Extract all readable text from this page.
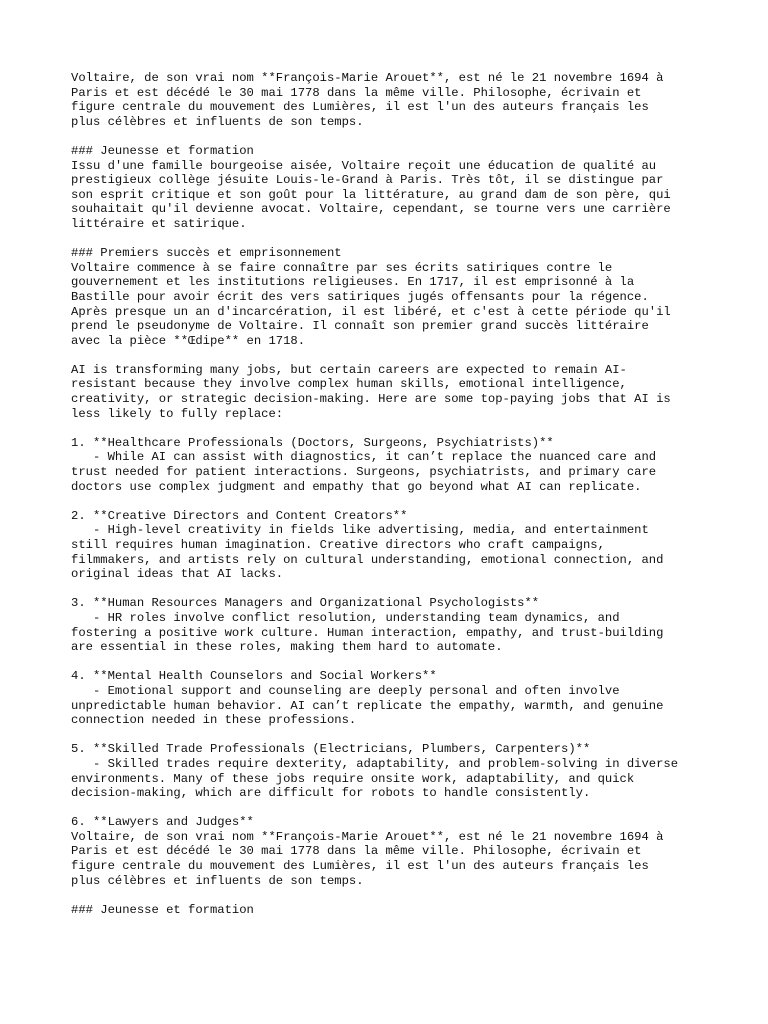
Voltaire, de son vrai nom **François-Marie Arouet**, est né le 21 novembre 1694 à
Paris et est décédé le 30 mai 1778 dans la même ville. Philosophe, écrivain et
figure centrale du mouvement des Lumières, il est l'un des auteurs français les
plus célèbres et influents de son temps.
### Jeunesse et formation
Issu d'une famille bourgeoise aisée, Voltaire reçoit une éducation de qualité au
prestigieux collège jésuite Louis-le-Grand à Paris. Très tôt, il se distingue par
son esprit critique et son goût pour la littérature, au grand dam de son père, qui
souhaitait qu'il devienne avocat. Voltaire, cependant, se tourne vers une carrière
littéraire et satirique.
### Premiers succès et emprisonnement
Voltaire commence à se faire connaître par ses écrits satiriques contre le
gouvernement et les institutions religieuses. En 1717, il est emprisonné à la
Bastille pour avoir écrit des vers satiriques jugés offensants pour la régence.
Après presque un an d'incarcération, il est libéré, et c'est à cette période qu'il
prend le pseudonyme de Voltaire. Il connaît son premier grand succès littéraire
avec la pièce **Œdipe** en 1718.
AI is transforming many jobs, but certain careers are expected to remain AI-
resistant because they involve complex human skills, emotional intelligence,
creativity, or strategic decision-making. Here are some top-paying jobs that AI is
less likely to fully replace:
1. **Healthcare Professionals (Doctors, Surgeons, Psychiatrists)**
- While AI can assist with diagnostics, it can’t replace the nuanced care and
trust needed for patient interactions. Surgeons, psychiatrists, and primary care
doctors use complex judgment and empathy that go beyond what AI can replicate.
2. **Creative Directors and Content Creators**
- High-level creativity in fields like advertising, media, and entertainment
still requires human imagination. Creative directors who craft campaigns,
filmmakers, and artists rely on cultural understanding, emotional connection, and
original ideas that AI lacks.
3. **Human Resources Managers and Organizational Psychologists**
- HR roles involve conflict resolution, understanding team dynamics, and
fostering a positive work culture. Human interaction, empathy, and trust-building
are essential in these roles, making them hard to automate.
4. **Mental Health Counselors and Social Workers**
- Emotional support and counseling are deeply personal and often involve
unpredictable human behavior. AI can’t replicate the empathy, warmth, and genuine
connection needed in these professions.
5. **Skilled Trade Professionals (Electricians, Plumbers, Carpenters)**
- Skilled trades require dexterity, adaptability, and problem-solving in diverse
environments. Many of these jobs require onsite work, adaptability, and quick
decision-making, which are difficult for robots to handle consistently.
6. **Lawyers and Judges**
Voltaire, de son vrai nom **François-Marie Arouet**, est né le 21 novembre 1694 à
Paris et est décédé le 30 mai 1778 dans la même ville. Philosophe, écrivain et
figure centrale du mouvement des Lumières, il est l'un des auteurs français les
plus célèbres et influents de son temps.
### Jeunesse et formation
